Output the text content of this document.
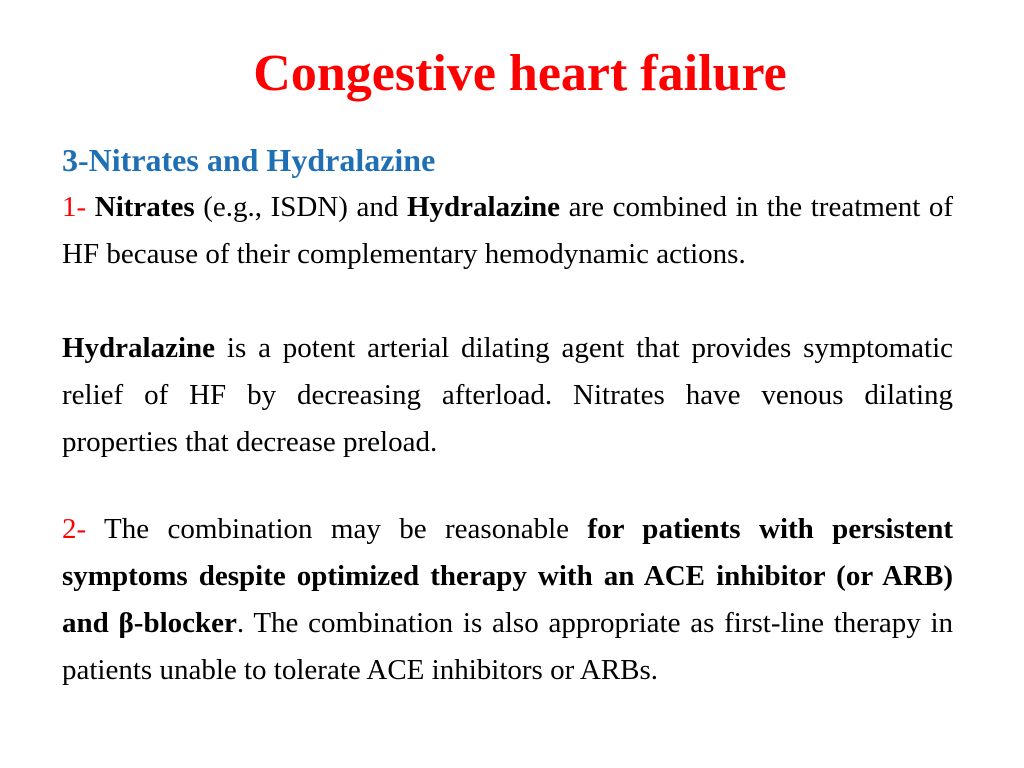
Congestive heart failure
3-Nitrates and Hydralazine

1- Nitrates (e.g., ISDN) and Hydralazine are combined in the treatment of HF because of their complementary hemodynamic actions.

Hydralazine is a potent arterial dilating agent that provides symptomatic relief of HF by decreasing afterload. Nitrates have venous dilating properties that decrease preload.

2- The combination may be reasonable for patients with persistent symptoms despite optimized therapy with an ACE inhibitor (or ARB) and β-blocker. The combination is also appropriate as first-line therapy in patients unable to tolerate ACE inhibitors or ARBs.
